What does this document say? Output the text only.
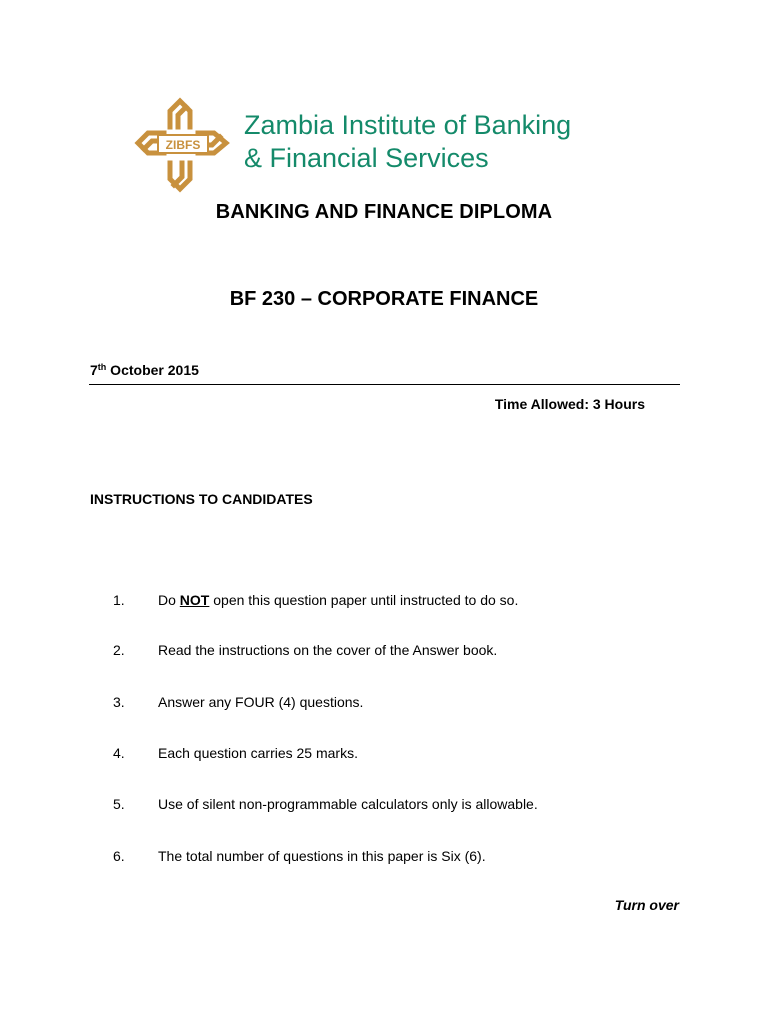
ZIBFS
Zambia Institute of Banking
& Financial Services
BANKING AND FINANCE DIPLOMA
BF 230 – CORPORATE FINANCE
7th October 2015
Time Allowed: 3 Hours
INSTRUCTIONS TO CANDIDATES
1. Do NOT open this question paper until instructed to do so.
2. Read the instructions on the cover of the Answer book.
3. Answer any FOUR (4) questions.
4. Each question carries 25 marks.
5. Use of silent non-programmable calculators only is allowable.
6. The total number of questions in this paper is Six (6).
Turn over
